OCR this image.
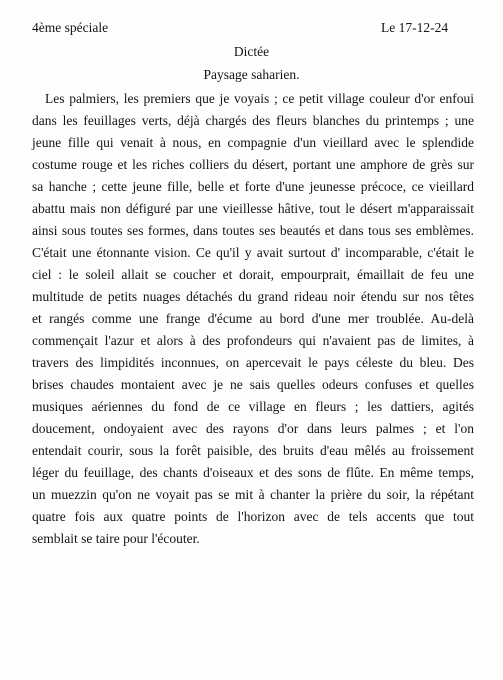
4ème spéciale	Le 17-12-24
Dictée
Paysage saharien.
Les palmiers, les premiers que je voyais ; ce petit village couleur d'or enfoui
dans les feuillages verts, déjà chargés des fleurs blanches du printemps ; une
jeune fille qui venait à nous, en compagnie d'un vieillard avec le splendide
costume rouge et les riches colliers du désert, portant une amphore de grès sur
sa hanche ; cette jeune fille, belle et forte d'une jeunesse précoce, ce vieillard
abattu mais non défiguré par une vieillesse hâtive, tout le désert m'apparaissait
ainsi sous toutes ses formes, dans toutes ses beautés et dans tous ses emblèmes.
C'était une étonnante vision. Ce qu'il y avait surtout d' incomparable, c'était le
ciel : le soleil allait se coucher et dorait, empourprait, émaillait de feu une
multitude de petits nuages détachés du grand rideau noir étendu sur nos têtes
et rangés comme une frange d'écume au bord d'une mer troublée. Au-delà
commençait l'azur et alors à des profondeurs qui n'avaient pas de limites, à
travers des limpidités inconnues, on apercevait le pays céleste du bleu. Des
brises chaudes montaient avec je ne sais quelles odeurs confuses et quelles
musiques aériennes du fond de ce village en fleurs ; les dattiers, agités
doucement, ondoyaient avec des rayons d'or dans leurs palmes ; et l'on
entendait courir, sous la forêt paisible, des bruits d'eau mêlés au froissement
léger du feuillage, des chants d'oiseaux et des sons de flûte. En même temps,
un muezzin qu'on ne voyait pas se mit à chanter la prière du soir, la répétant
quatre fois aux quatre points de l'horizon avec de tels accents que tout
semblait se taire pour l'écouter.
